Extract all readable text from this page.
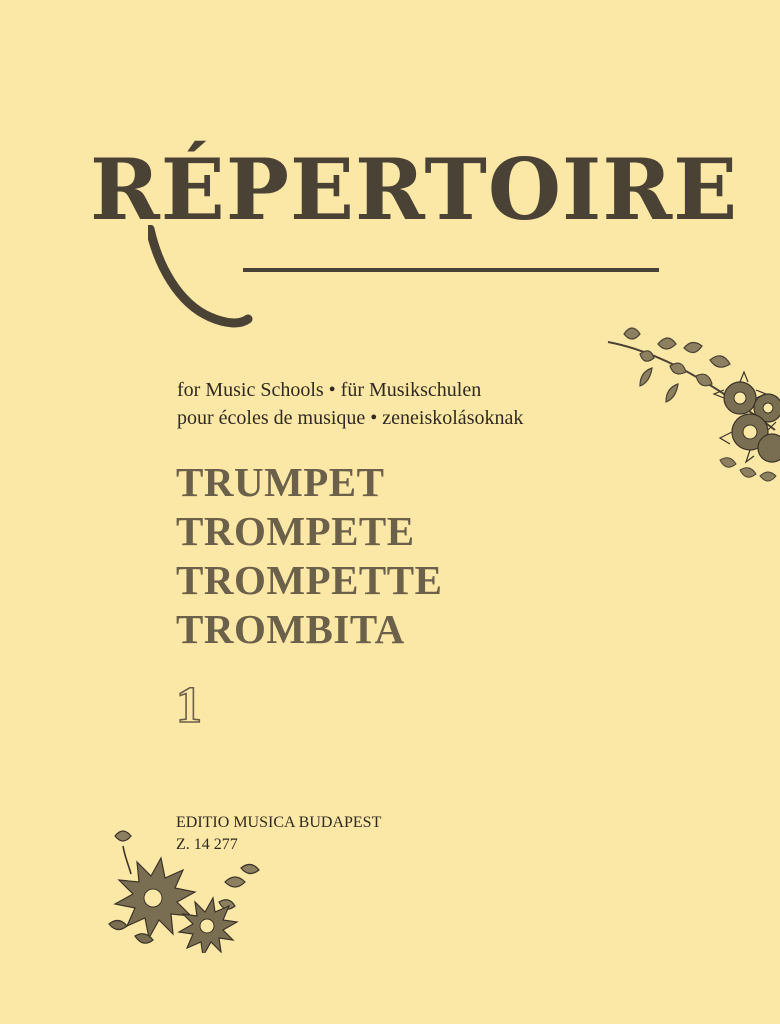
RÉPERTOIRE
for Music Schools • für Musikschulen
pour écoles de musique • zeneiskolásoknak
TRUMPET
TROMPETE
TROMPETTE
TROMBITA
1
EDITIO MUSICA BUDAPEST
Z. 14 277
